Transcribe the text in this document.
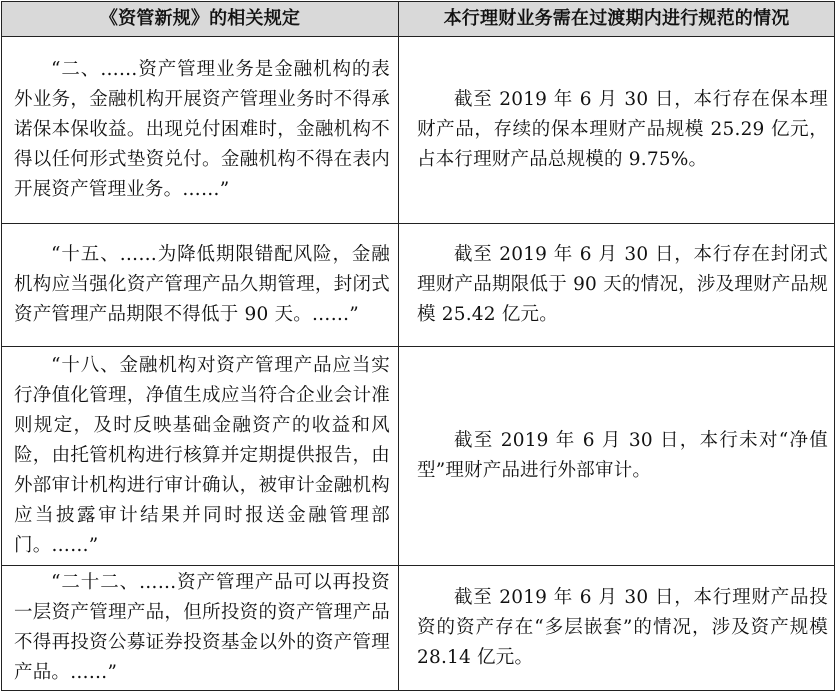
《资管新规》的相关规定	本行理财业务需在过渡期内进行规范的情况
“二、……资产管理业务是金融机构的表外业务，金融机构开展资产管理业务时不得承诺保本保收益。出现兑付困难时，金融机构不得以任何形式垫资兑付。金融机构不得在表内开展资产管理业务。……”	截至 2019 年 6 月 30 日，本行存在保本理财产品，存续的保本理财产品规模 25.29 亿元，占本行理财产品总规模的 9.75%。
“十五、……为降低期限错配风险，金融机构应当强化资产管理产品久期管理，封闭式资产管理产品期限不得低于 90 天。……”	截至 2019 年 6 月 30 日，本行存在封闭式理财产品期限低于 90 天的情况，涉及理财产品规模 25.42 亿元。
“十八、金融机构对资产管理产品应当实行净值化管理，净值生成应当符合企业会计准则规定，及时反映基础金融资产的收益和风险，由托管机构进行核算并定期提供报告，由外部审计机构进行审计确认，被审计金融机构应当披露审计结果并同时报送金融管理部门。……”	截至 2019 年 6 月 30 日，本行未对“净值型”理财产品进行外部审计。
“二十二、……资产管理产品可以再投资一层资产管理产品，但所投资的资产管理产品不得再投资公募证券投资基金以外的资产管理产品。……”	截至 2019 年 6 月 30 日，本行理财产品投资的资产存在“多层嵌套”的情况，涉及资产规模 28.14 亿元。
